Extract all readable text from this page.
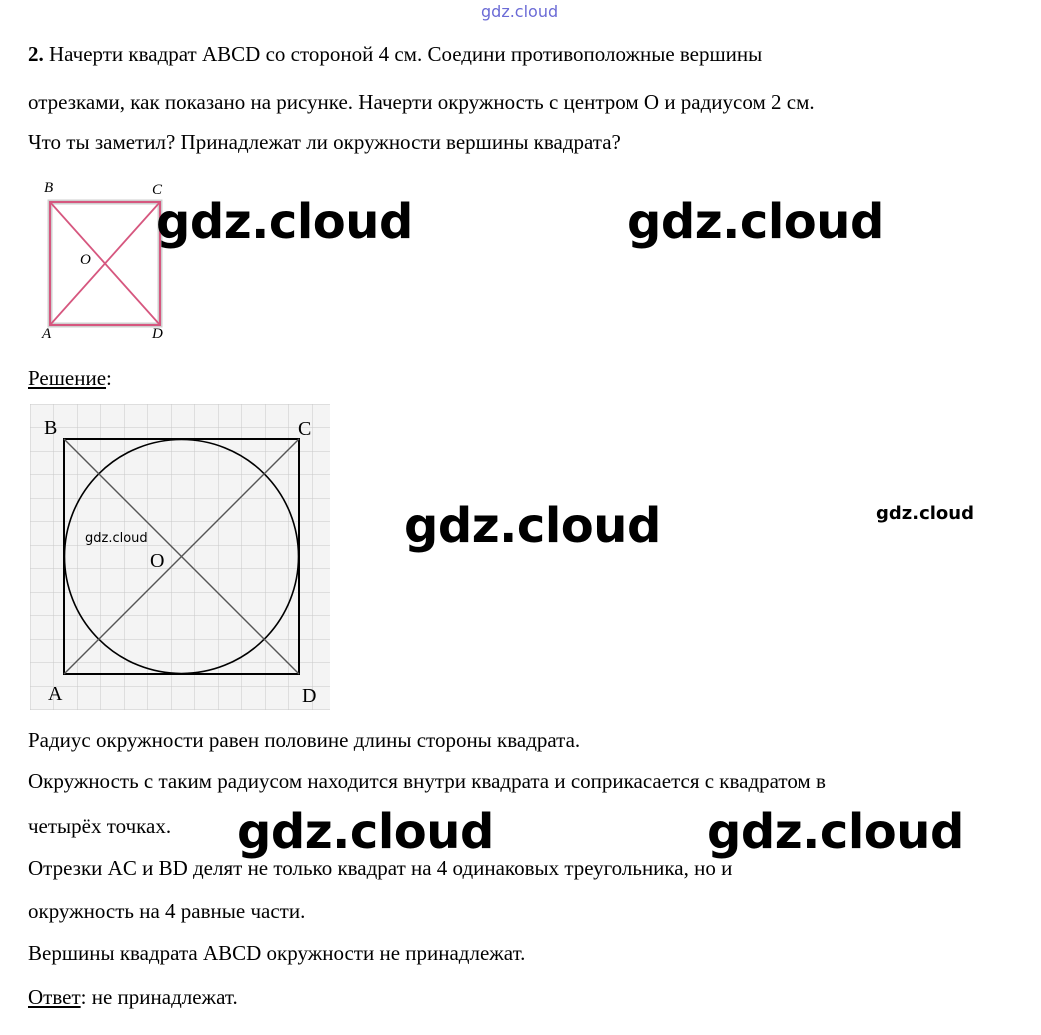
gdz.cloud
2. Начерти квадрат ABCD со стороной 4 см. Соедини противоположные вершины
отрезками, как показано на рисунке. Начерти окружность с центром O и радиусом 2 см.
Что ты заметил? Принадлежат ли окружности вершины квадрата?
B	C
O
A	D
gdz.cloud	gdz.cloud
Решение:
B	C
O
A	D
gdz.cloud
gdz.cloud
gdz.cloud
Радиус окружности равен половине длины стороны квадрата.
Окружность с таким радиусом находится внутри квадрата и соприкасается с квадратом в
четырёх точках.
Отрезки AC и BD делят не только квадрат на 4 одинаковых треугольника, но и
окружность на 4 равные части.
Вершины квадрата ABCD окружности не принадлежат.
Ответ: не принадлежат.
gdz.cloud	gdz.cloud
